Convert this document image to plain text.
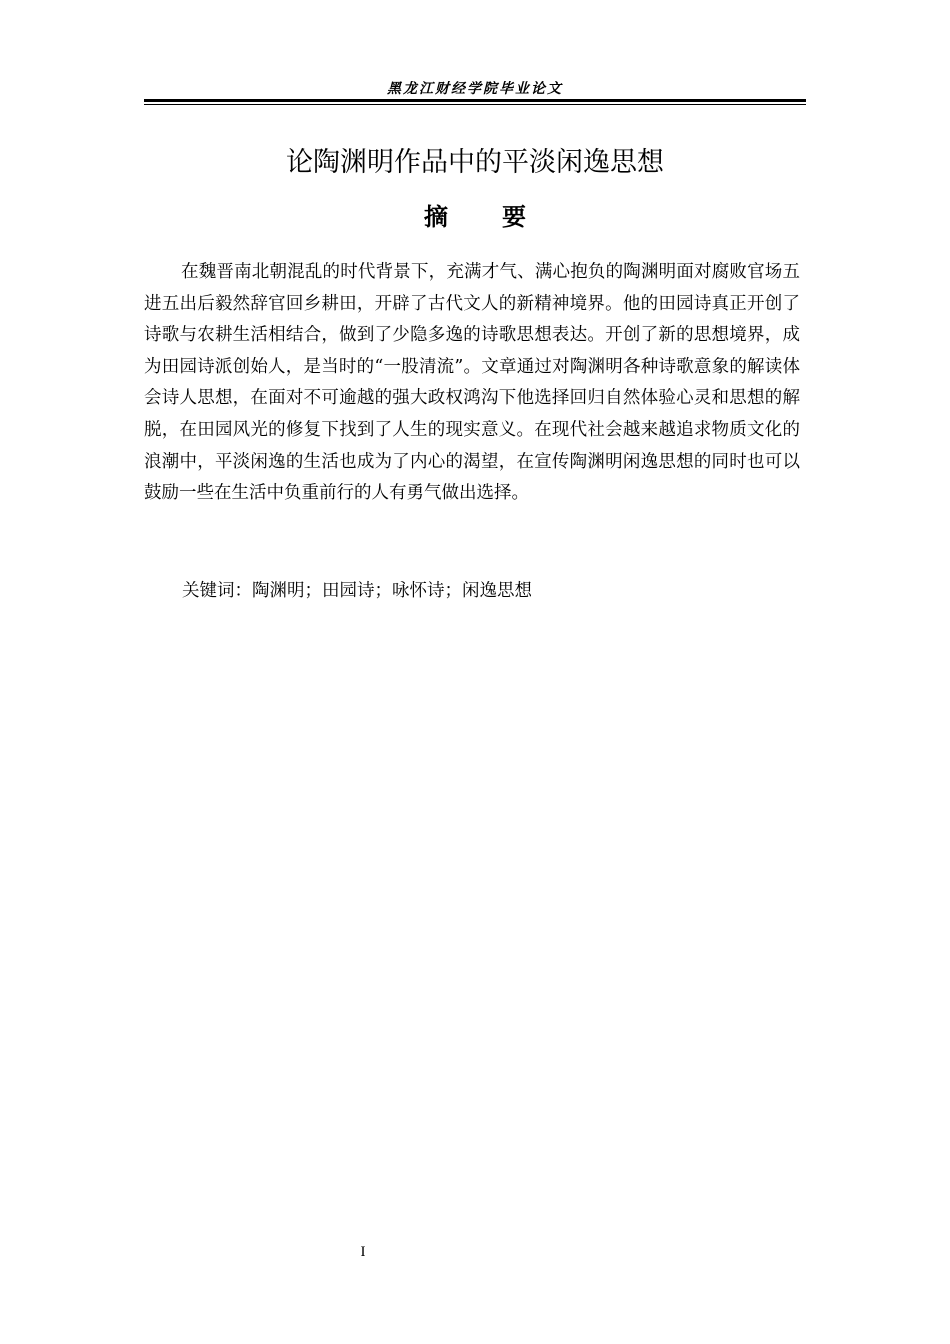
黑龙江财经学院毕业论文
论陶渊明作品中的平淡闲逸思想
摘 要
在魏晋南北朝混乱的时代背景下，充满才气、满心抱负的陶渊明面对腐败官场五进五出后毅然辞官回乡耕田，开辟了古代文人的新精神境界。他的田园诗真正开创了诗歌与农耕生活相结合，做到了少隐多逸的诗歌思想表达。开创了新的思想境界，成为田园诗派创始人，是当时的“一股清流”。文章通过对陶渊明各种诗歌意象的解读体会诗人思想，在面对不可逾越的强大政权鸿沟下他选择回归自然体验心灵和思想的解脱，在田园风光的修复下找到了人生的现实意义。在现代社会越来越追求物质文化的浪潮中，平淡闲逸的生活也成为了内心的渴望，在宣传陶渊明闲逸思想的同时也可以鼓励一些在生活中负重前行的人有勇气做出选择。
关键词：陶渊明；田园诗；咏怀诗；闲逸思想
I
